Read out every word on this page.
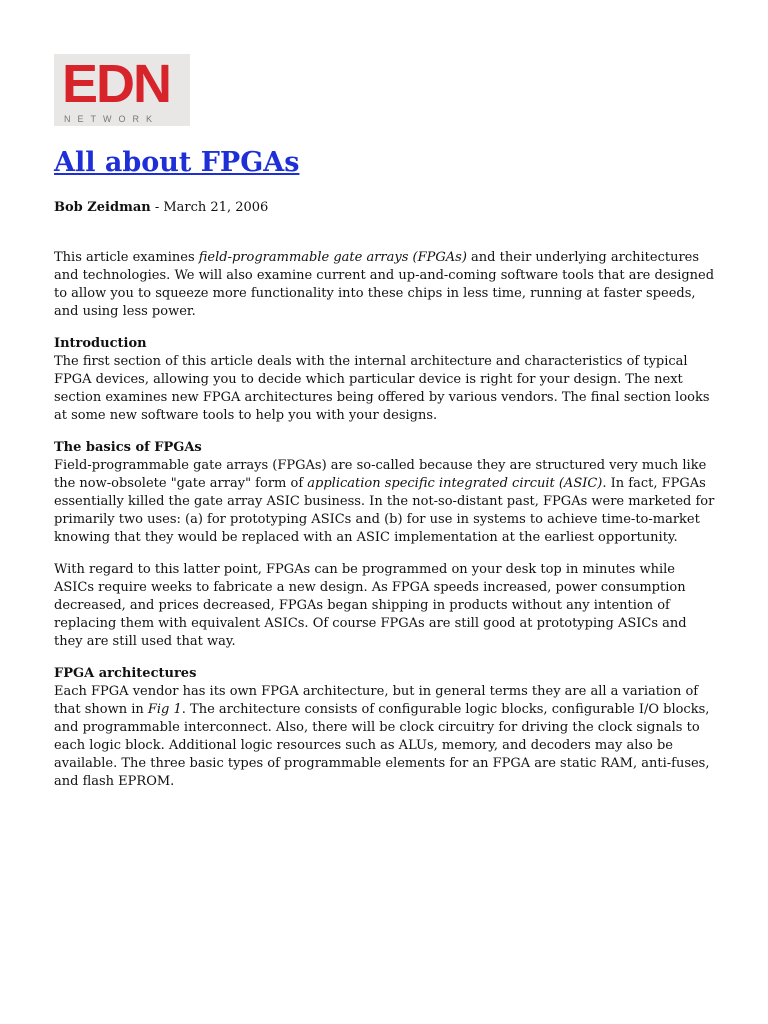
EDN
NETWORK
All about FPGAs

Bob Zeidman - March 21, 2006

This article examines field-programmable gate arrays (FPGAs) and their underlying architectures and technologies. We will also examine current and up-and-coming software tools that are designed to allow you to squeeze more functionality into these chips in less time, running at faster speeds, and using less power.

Introduction

The first section of this article deals with the internal architecture and characteristics of typical FPGA devices, allowing you to decide which particular device is right for your design. The next section examines new FPGA architectures being offered by various vendors. The final section looks at some new software tools to help you with your designs.

The basics of FPGAs

Field-programmable gate arrays (FPGAs) are so-called because they are structured very much like the now-obsolete "gate array" form of application specific integrated circuit (ASIC). In fact, FPGAs essentially killed the gate array ASIC business. In the not-so-distant past, FPGAs were marketed for primarily two uses: (a) for prototyping ASICs and (b) for use in systems to achieve time-to-market knowing that they would be replaced with an ASIC implementation at the earliest opportunity.

With regard to this latter point, FPGAs can be programmed on your desk top in minutes while ASICs require weeks to fabricate a new design. As FPGA speeds increased, power consumption decreased, and prices decreased, FPGAs began shipping in products without any intention of replacing them with equivalent ASICs. Of course FPGAs are still good at prototyping ASICs and they are still used that way.

FPGA architectures

Each FPGA vendor has its own FPGA architecture, but in general terms they are all a variation of that shown in Fig 1. The architecture consists of configurable logic blocks, configurable I/O blocks, and programmable interconnect. Also, there will be clock circuitry for driving the clock signals to each logic block. Additional logic resources such as ALUs, memory, and decoders may also be available. The three basic types of programmable elements for an FPGA are static RAM, anti-fuses, and flash EPROM.
